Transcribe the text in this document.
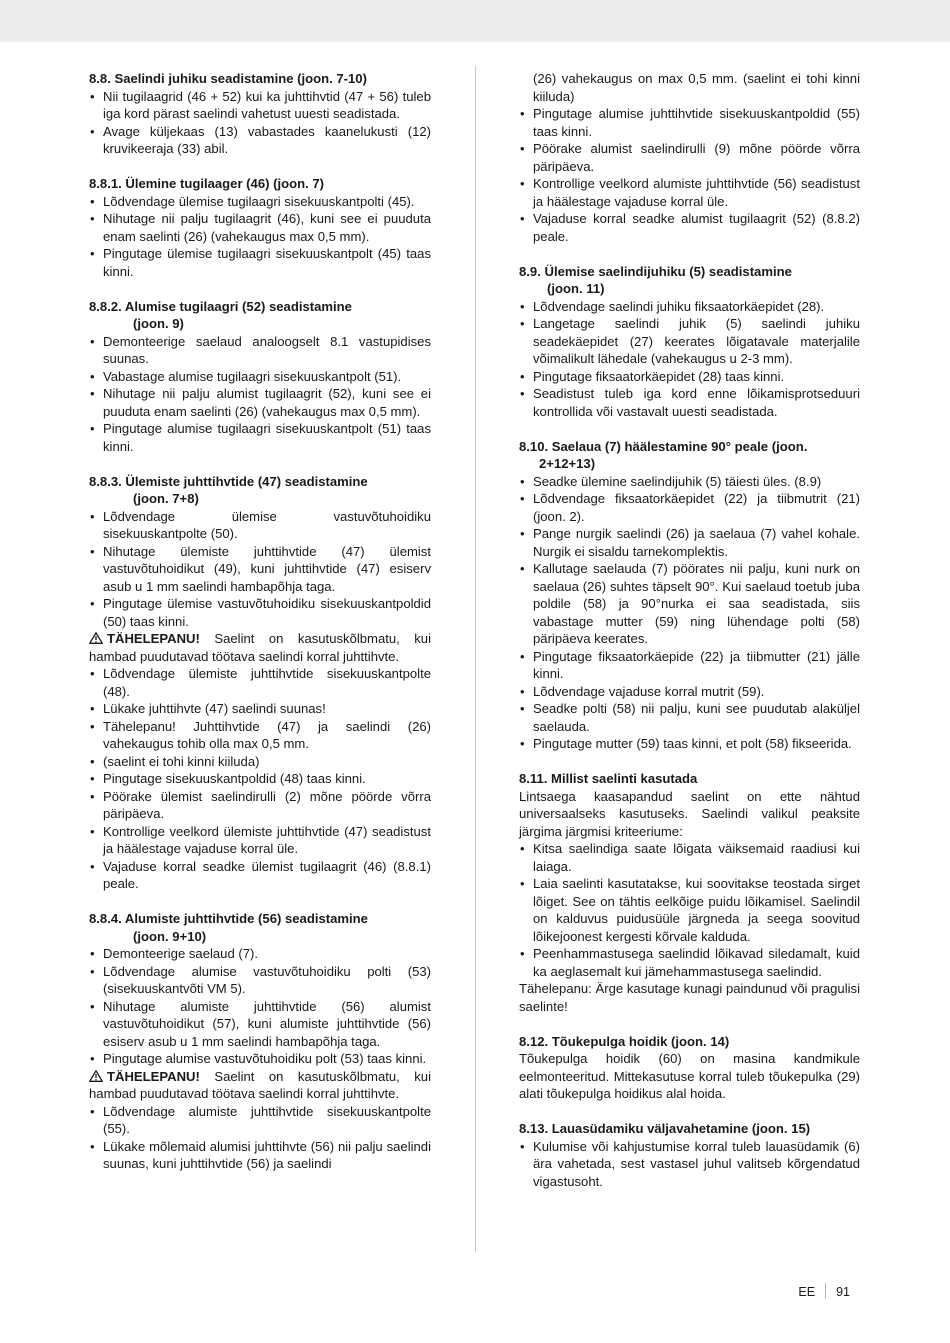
8.8. Saelindi juhiku seadistamine (joon. 7-10)
• Nii tugilaagrid (46 + 52) kui ka juhttihvtid (47 + 56) tuleb iga kord pärast saelindi vahetust uuesti seadistada.
• Avage küljekaas (13) vabastades kaanelukusti (12) kruvikeeraja (33) abil.
8.8.1. Ülemine tugilaager (46) (joon. 7)
• Lõdvendage ülemise tugilaagri sisekuuskantpolti (45).
• Nihutage nii palju tugilaagrit (46), kuni see ei puuduta enam saelinti (26) (vahekaugus max 0,5 mm).
• Pingutage ülemise tugilaagri sisekuuskantpolt (45) taas kinni.
8.8.2. Alumise tugilaagri (52) seadistamine
(joon. 9)
• Demonteerige saelaud analoogselt 8.1 vastupidises suunas.
• Vabastage alumise tugilaagri sisekuuskantpolt (51).
• Nihutage nii palju alumist tugilaagrit (52), kuni see ei puuduta enam saelinti (26) (vahekaugus max 0,5 mm).
• Pingutage alumise tugilaagri sisekuuskantpolt (51) taas kinni.
8.8.3. Ülemiste juhttihvtide (47) seadistamine
(joon. 7+8)
• Lõdvendage ülemise vastuvõtuhoidiku sisekuuskantpolte (50).
• Nihutage ülemiste juhttihvtide (47) ülemist vastuvõtuhoidikut (49), kuni juhttihvtide (47) esiserv asub u 1 mm saelindi hambapõhja taga.
• Pingutage ülemise vastuvõtuhoidiku sisekuuskantpoldid (50) taas kinni.

TÄHELEPANU! Saelint on kasutuskõlbmatu, kui hambad puudutavad töötava saelindi korral juhttihvte.

• Lõdvendage ülemiste juhttihvtide sisekuuskantpolte (48).
• Lükake juhttihvte (47) saelindi suunas!
• Tähelepanu! Juhttihvtide (47) ja saelindi (26) vahekaugus tohib olla max 0,5 mm.
• (saelint ei tohi kinni kiiluda)
• Pingutage sisekuuskantpoldid (48) taas kinni.
• Pöörake ülemist saelindirulli (2) mõne pöörde võrra päripäeva.
• Kontrollige veelkord ülemiste juhttihvtide (47) seadistust ja häälestage vajaduse korral üle.
• Vajaduse korral seadke ülemist tugilaagrit (46) (8.8.1) peale.
8.8.4. Alumiste juhttihvtide (56) seadistamine
(joon. 9+10)
• Demonteerige saelaud (7).
• Lõdvendage alumise vastuvõtuhoidiku polti (53) (sisekuuskantvõti VM 5).
• Nihutage alumiste juhttihvtide (56) alumist vastuvõtuhoidikut (57), kuni alumiste juhttihvtide (56) esiserv asub u 1 mm saelindi hambapõhja taga.
• Pingutage alumise vastuvõtuhoidiku polt (53) taas kinni.

TÄHELEPANU! Saelint on kasutuskõlbmatu, kui hambad puudutavad töötava saelindi korral juhttihvte.

• Lõdvendage alumiste juhttihvtide sisekuuskantpolte (55).
• Lükake mõlemaid alumisi juhttihvte (56) nii palju saelindi suunas, kuni juhttihvtide (56) ja saelindi

(26) vahekaugus on max 0,5 mm. (saelint ei tohi kinni kiiluda)

• Pingutage alumise juhttihvtide sisekuuskantpoldid (55) taas kinni.
• Pöörake alumist saelindirulli (9) mõne pöörde võrra päripäeva.
• Kontrollige veelkord alumiste juhttihvtide (56) seadistust ja häälestage vajaduse korral üle.
• Vajaduse korral seadke alumist tugilaagrit (52) (8.8.2) peale.
8.9. Ülemise saelindijuhiku (5) seadistamine
(joon. 11)
• Lõdvendage saelindi juhiku fiksaatorkäepidet (28).
• Langetage saelindi juhik (5) saelindi juhiku seadekäepidet (27) keerates lõigatavale materjalile võimalikult lähedale (vahekaugus u 2-3 mm).
• Pingutage fiksaatorkäepidet (28) taas kinni.
• Seadistust tuleb iga kord enne lõikamisprotseduuri kontrollida või vastavalt uuesti seadistada.
8.10. Saelaua (7) häälestamine 90° peale (joon.
2+12+13)
• Seadke ülemine saelindijuhik (5) täiesti üles. (8.9)
• Lõdvendage fiksaatorkäepidet (22) ja tiibmutrit (21) (joon. 2).
• Pange nurgik saelindi (26) ja saelaua (7) vahel kohale. Nurgik ei sisaldu tarnekomplektis.
• Kallutage saelauda (7) pöörates nii palju, kuni nurk on saelaua (26) suhtes täpselt 90°. Kui saelaud toetub juba poldile (58) ja 90°nurka ei saa seadistada, siis vabastage mutter (59) ning lühendage polti (58) päripäeva keerates.
• Pingutage fiksaatorkäepide (22) ja tiibmutter (21) jälle kinni.
• Lõdvendage vajaduse korral mutrit (59).
• Seadke polti (58) nii palju, kuni see puudutab alaküljel saelauda.
• Pingutage mutter (59) taas kinni, et polt (58) fikseerida.
8.11. Millist saelinti kasutada

Lintsaega kaasapandud saelint on ette nähtud universaalseks kasutuseks. Saelindi valikul peaksite järgima järgmisi kriteeriume:

• Kitsa saelindiga saate lõigata väiksemaid raadiusi kui laiaga.
• Laia saelinti kasutatakse, kui soovitakse teostada sirget lõiget. See on tähtis eelkõige puidu lõikamisel. Saelindil on kalduvus puidusüüle järgneda ja seega soovitud lõikejoonest kergesti kõrvale kalduda.
• Peenhammastusega saelindid lõikavad siledamalt, kuid ka aeglasemalt kui jämehammastusega saelindid.

Tähelepanu: Ärge kasutage kunagi paindunud või pragulisi saelinte!

8.12. Tõukepulga hoidik (joon. 14)

Tõukepulga hoidik (60) on masina kandmikule eelmonteeritud. Mittekasutuse korral tuleb tõukepulka (29) alati tõukepulga hoidikus alal hoida.

8.13. Lauasüdamiku väljavahetamine (joon. 15)
• Kulumise või kahjustumise korral tuleb lauasüdamik (6) ära vahetada, sest vastasel juhul valitseb kõrgendatud vigastusoht.
EE 91
